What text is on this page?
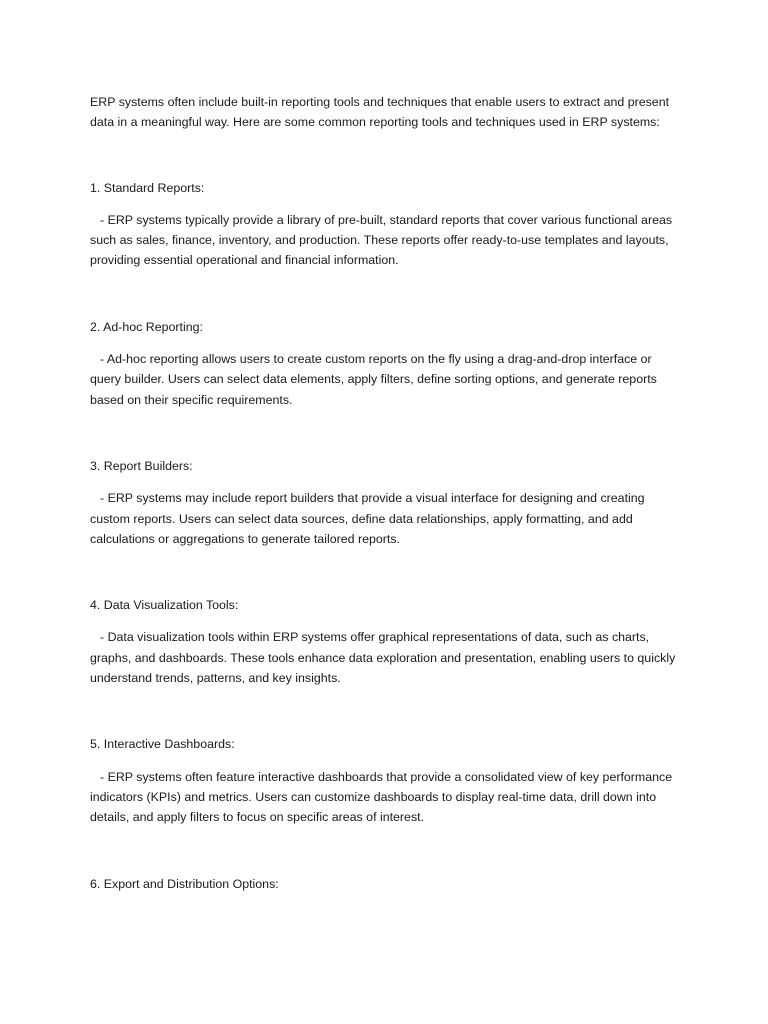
ERP systems often include built-in reporting tools and techniques that enable users to extract and present data in a meaningful way. Here are some common reporting tools and techniques used in ERP systems:

1. Standard Reports:

- ERP systems typically provide a library of pre-built, standard reports that cover various functional areas such as sales, finance, inventory, and production. These reports offer ready-to-use templates and layouts, providing essential operational and financial information.

2. Ad-hoc Reporting:

- Ad-hoc reporting allows users to create custom reports on the fly using a drag-and-drop interface or query builder. Users can select data elements, apply filters, define sorting options, and generate reports based on their specific requirements.

3. Report Builders:

- ERP systems may include report builders that provide a visual interface for designing and creating custom reports. Users can select data sources, define data relationships, apply formatting, and add calculations or aggregations to generate tailored reports.

4. Data Visualization Tools:

- Data visualization tools within ERP systems offer graphical representations of data, such as charts, graphs, and dashboards. These tools enhance data exploration and presentation, enabling users to quickly understand trends, patterns, and key insights.

5. Interactive Dashboards:

- ERP systems often feature interactive dashboards that provide a consolidated view of key performance indicators (KPIs) and metrics. Users can customize dashboards to display real-time data, drill down into details, and apply filters to focus on specific areas of interest.

6. Export and Distribution Options:
